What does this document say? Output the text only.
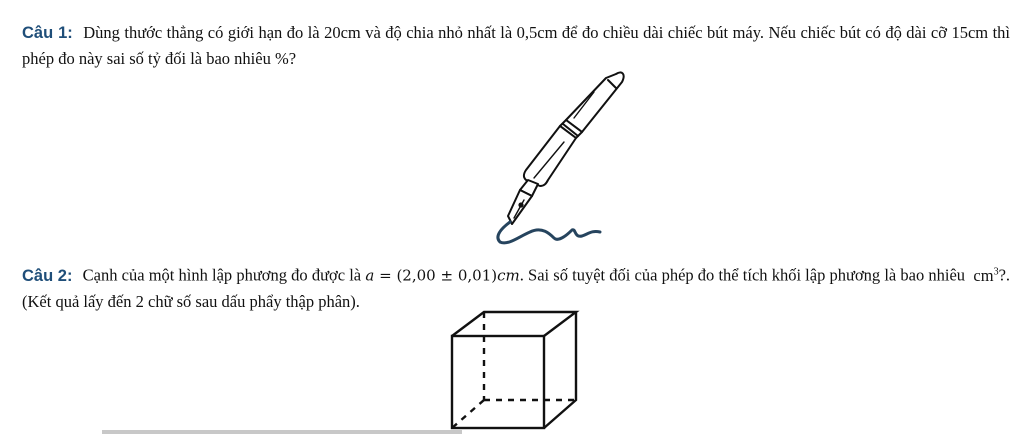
Câu 1: Dùng thước thẳng có giới hạn đo là 20cm và độ chia nhỏ nhất là 0,5cm để đo chiều dài chiếc bút máy. Nếu chiếc bút có độ dài cỡ 15cm thì phép đo này sai số tỷ đối là bao nhiêu %?
Câu 2: Cạnh của một hình lập phương đo được là a = (2,00 ± 0,01)cm. Sai số tuyệt đối của phép đo thể tích khối lập phương là bao nhiêu $cm^3$?. (Kết quả lấy đến 2 chữ số sau dấu phẩy thập phân).
